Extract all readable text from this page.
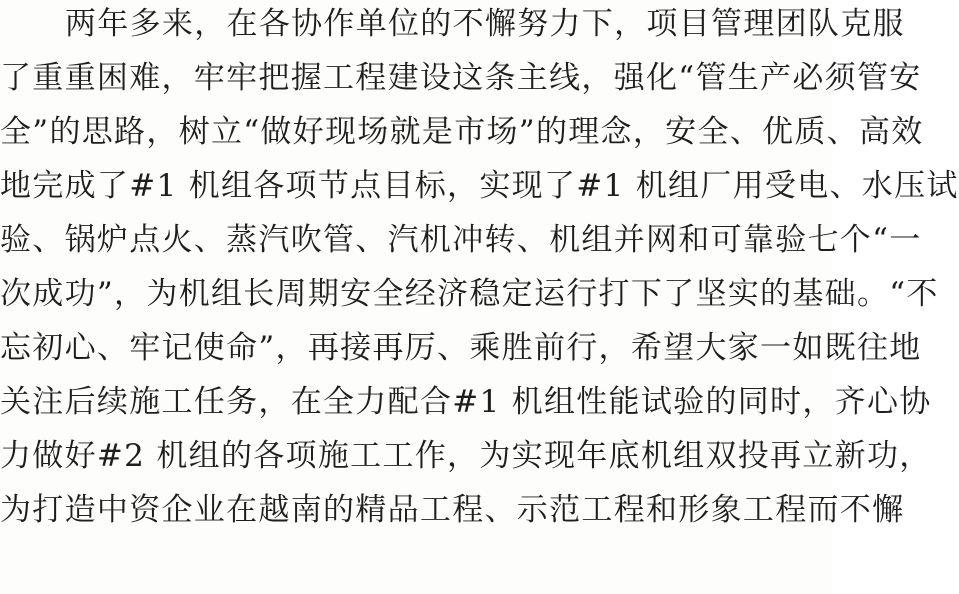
两年多来，在各协作单位的不懈努力下，项目管理团队克服
了重重困难，牢牢把握工程建设这条主线，强化“管生产必须管安
全”的思路，树立“做好现场就是市场”的理念，安全、优质、高效
地完成了#1 机组各项节点目标，实现了#1 机组厂用受电、水压试
验、锅炉点火、蒸汽吹管、汽机冲转、机组并网和可靠验七个“一
次成功”，为机组长周期安全经济稳定运行打下了坚实的基础。“不
忘初心、牢记使命”，再接再厉、乘胜前行，希望大家一如既往地
关注后续施工任务，在全力配合#1 机组性能试验的同时，齐心协
力做好#2 机组的各项施工工作，为实现年底机组双投再立新功，
为打造中资企业在越南的精品工程、示范工程和形象工程而不懈
